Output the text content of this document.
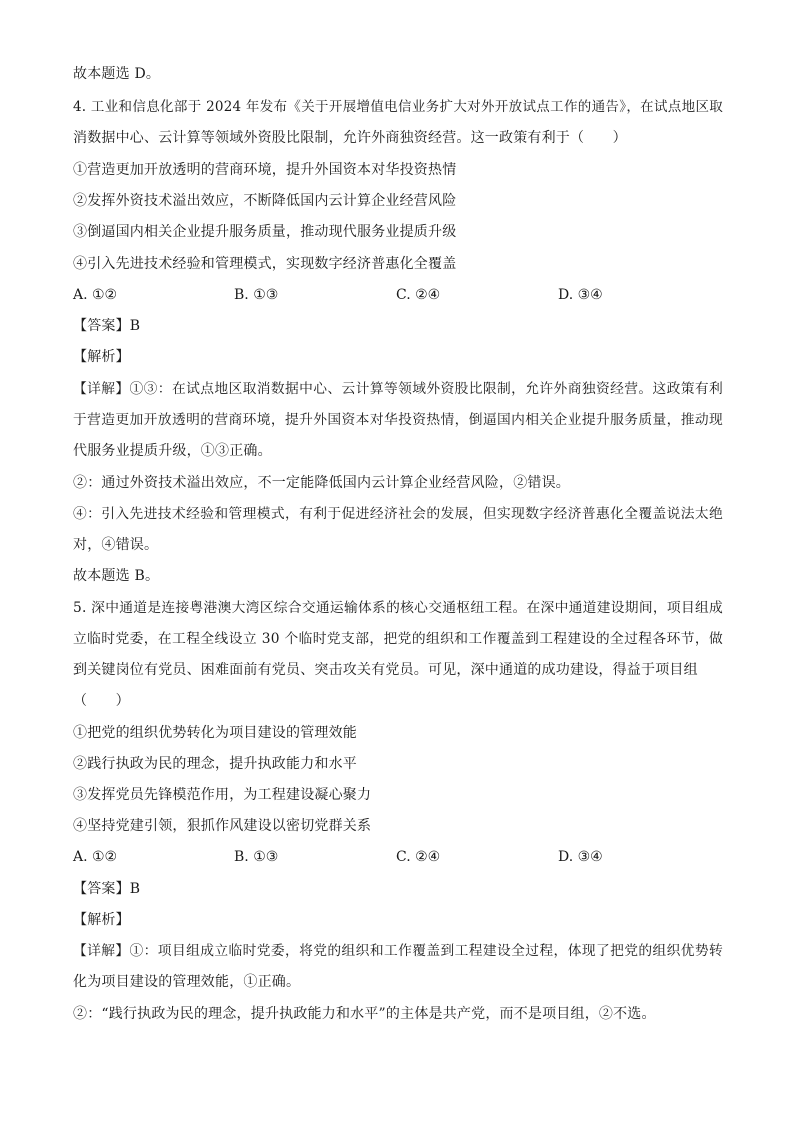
故本题选 D。
4. 工业和信息化部于 2024 年发布《关于开展增值电信业务扩大对外开放试点工作的通告》，在试点地区取
消数据中心、云计算等领域外资股比限制，允许外商独资经营。这一政策有利于（　　）
①营造更加开放透明的营商环境，提升外国资本对华投资热情
②发挥外资技术溢出效应，不断降低国内云计算企业经营风险
③倒逼国内相关企业提升服务质量，推动现代服务业提质升级
④引入先进技术经验和管理模式，实现数字经济普惠化全覆盖
A. ①②	B. ①③	C. ②④	D. ③④
【答案】B
【解析】
【详解】①③：在试点地区取消数据中心、云计算等领域外资股比限制，允许外商独资经营。这政策有利
于营造更加开放透明的营商环境，提升外国资本对华投资热情，倒逼国内相关企业提升服务质量，推动现
代服务业提质升级，①③正确。
②：通过外资技术溢出效应，不一定能降低国内云计算企业经营风险，②错误。
④：引入先进技术经验和管理模式，有利于促进经济社会的发展，但实现数字经济普惠化全覆盖说法太绝
对，④错误。
故本题选 B。
5. 深中通道是连接粤港澳大湾区综合交通运输体系的核心交通枢纽工程。在深中通道建设期间，项目组成
立临时党委，在工程全线设立 30 个临时党支部，把党的组织和工作覆盖到工程建设的全过程各环节，做
到关键岗位有党员、困难面前有党员、突击攻关有党员。可见，深中通道的成功建设，得益于项目组
（　　）
①把党的组织优势转化为项目建设的管理效能
②践行执政为民的理念，提升执政能力和水平
③发挥党员先锋模范作用，为工程建设凝心聚力
④坚持党建引领，狠抓作风建设以密切党群关系
A. ①②	B. ①③	C. ②④	D. ③④
【答案】B
【解析】
【详解】①：项目组成立临时党委，将党的组织和工作覆盖到工程建设全过程，体现了把党的组织优势转
化为项目建设的管理效能，①正确。
②：“践行执政为民的理念，提升执政能力和水平”的主体是共产党，而不是项目组，②不选。
